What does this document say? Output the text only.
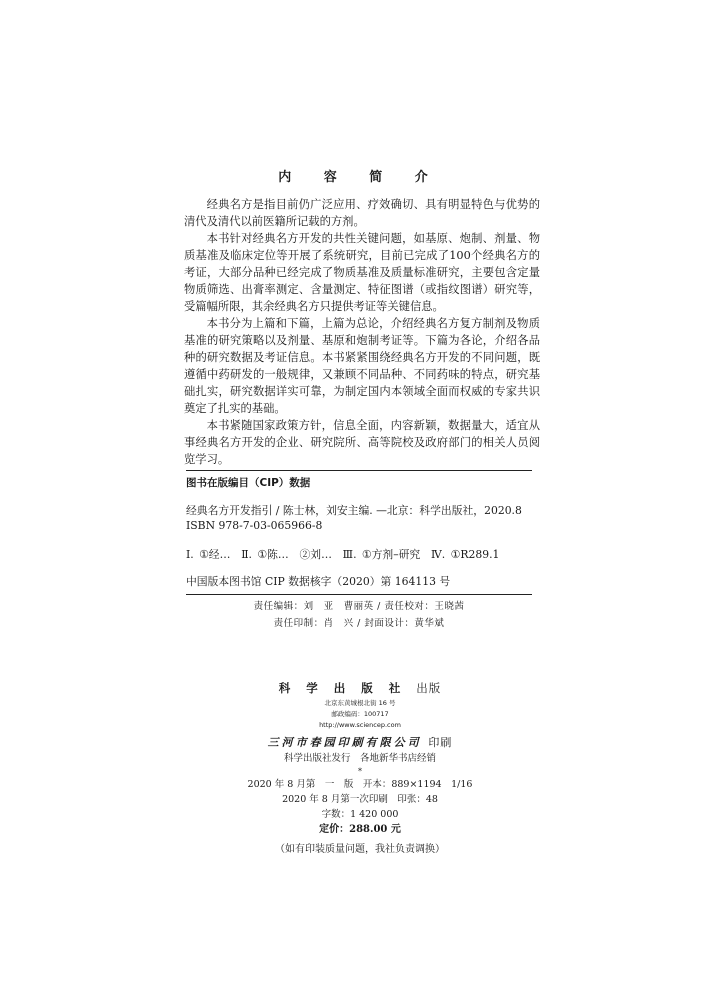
内 容 简 介

经典名方是指目前仍广泛应用、疗效确切、具有明显特色与优势的清代及清代以前医籍所记载的方剂。

本书针对经典名方开发的共性关键问题，如基原、炮制、剂量、物质基准及临床定位等开展了系统研究，目前已完成了100个经典名方的考证，大部分品种已经完成了物质基准及质量标准研究，主要包含定量物质筛选、出膏率测定、含量测定、特征图谱（或指纹图谱）研究等，受篇幅所限，其余经典名方只提供考证等关键信息。

本书分为上篇和下篇，上篇为总论，介绍经典名方复方制剂及物质基准的研究策略以及剂量、基原和炮制考证等。下篇为各论，介绍各品种的研究数据及考证信息。本书紧紧围绕经典名方开发的不同问题，既遵循中药研发的一般规律，又兼顾不同品种、不同药味的特点，研究基础扎实，研究数据详实可靠，为制定国内本领域全面而权威的专家共识奠定了扎实的基础。

本书紧随国家政策方针，信息全面，内容新颖，数据量大，适宜从事经典名方开发的企业、研究院所、高等院校及政府部门的相关人员阅览学习。

图书在版编目（CIP）数据

经典名方开发指引 / 陈士林，刘安主编. —北京：科学出版社，2020.8

ISBN 978-7-03-065966-8

Ⅰ. ①经…　Ⅱ. ①陈…　②刘…　Ⅲ. ①方剂–研究　Ⅳ. ①R289.1

中国版本图书馆 CIP 数据核字（2020）第 164113 号

责任编辑：刘　亚　曹丽英 / 责任校对：王晓茜
责任印制：肖　兴 / 封面设计：黄华斌
科 学 出 版 社 出版
北京东黄城根北街 16 号
邮政编码：100717
http://www.sciencep.com
三河市春园印刷有限公司 印刷
科学出版社发行　各地新华书店经销
*
2020 年 8 月第　一　版　开本：889×1194　1/16
2020 年 8 月第一次印刷　印张：48
字数：1 420 000
定价：288.00 元
（如有印装质量问题，我社负责调换）
